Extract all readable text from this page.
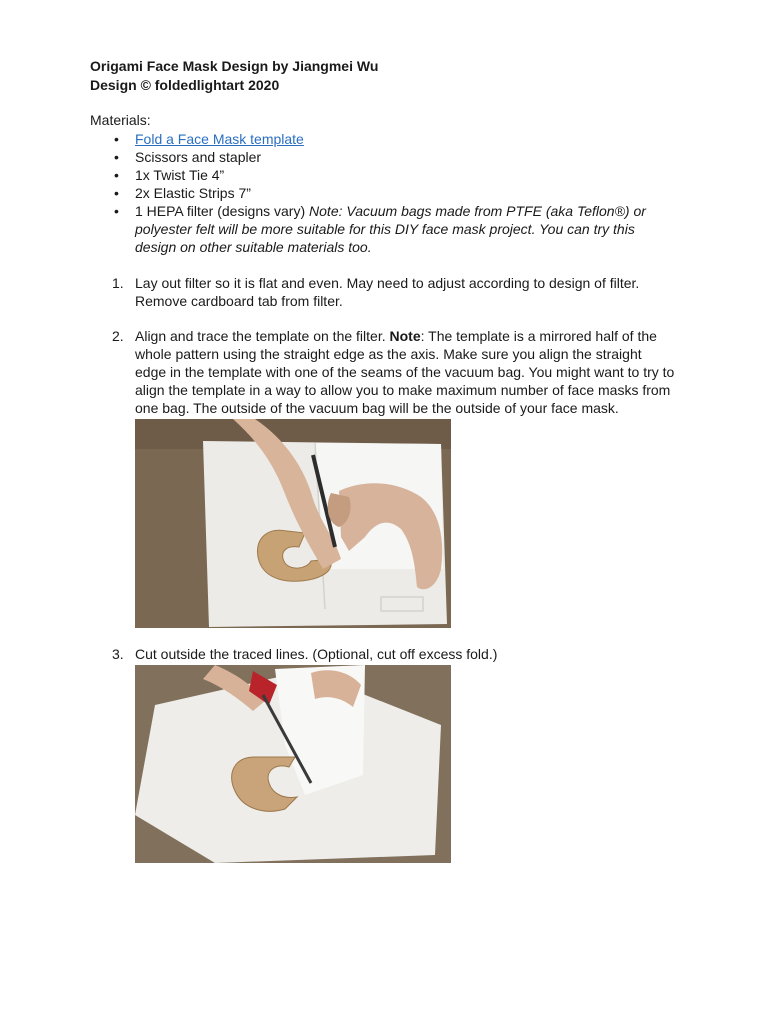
Origami Face Mask Design by Jiangmei Wu
Design © foldedlightart 2020
Materials:
• Fold a Face Mask template
• Scissors and stapler
• 1x Twist Tie 4”
• 2x Elastic Strips 7”
• 1 HEPA filter (designs vary) Note: Vacuum bags made from PTFE (aka Teflon®) or polyester felt will be more suitable for this DIY face mask project. You can try this design on other suitable materials too.
1. Lay out filter so it is flat and even. May need to adjust according to design of filter. Remove cardboard tab from filter.
2. Align and trace the template on the filter. Note: The template is a mirrored half of the whole pattern using the straight edge as the axis. Make sure you align the straight edge in the template with one of the seams of the vacuum bag. You might want to try to align the template in a way to allow you to make maximum number of face masks from one bag. The outside of the vacuum bag will be the outside of your face mask.
3. Cut outside the traced lines. (Optional, cut off excess fold.)
